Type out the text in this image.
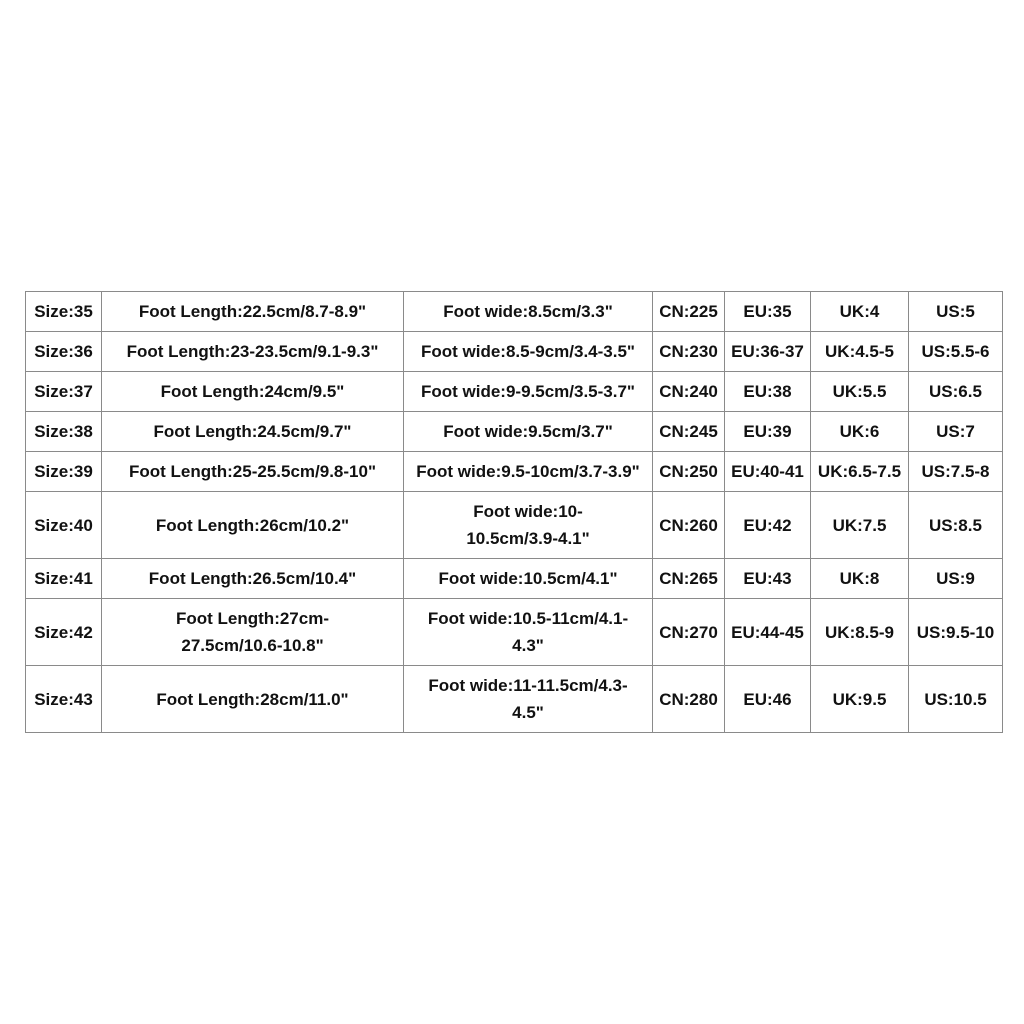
Size:35	Foot Length:22.5cm/8.7-8.9"	Foot wide:8.5cm/3.3"	CN:225	EU:35	UK:4	US:5
Size:36	Foot Length:23-23.5cm/9.1-9.3"	Foot wide:8.5-9cm/3.4-3.5"	CN:230	EU:36-37	UK:4.5-5	US:5.5-6
Size:37	Foot Length:24cm/9.5"	Foot wide:9-9.5cm/3.5-3.7"	CN:240	EU:38	UK:5.5	US:6.5
Size:38	Foot Length:24.5cm/9.7"	Foot wide:9.5cm/3.7"	CN:245	EU:39	UK:6	US:7
Size:39	Foot Length:25-25.5cm/9.8-10"	Foot wide:9.5-10cm/3.7-3.9"	CN:250	EU:40-41	UK:6.5-7.5	US:7.5-8
Size:40	Foot Length:26cm/10.2"	Foot wide:10-10.5cm/3.9-4.1"	CN:260	EU:42	UK:7.5	US:8.5
Size:41	Foot Length:26.5cm/10.4"	Foot wide:10.5cm/4.1"	CN:265	EU:43	UK:8	US:9
Size:42	Foot Length:27cm-27.5cm/10.6-10.8"	Foot wide:10.5-11cm/4.1-4.3"	CN:270	EU:44-45	UK:8.5-9	US:9.5-10
Size:43	Foot Length:28cm/11.0"	Foot wide:11-11.5cm/4.3-4.5"	CN:280	EU:46	UK:9.5	US:10.5
